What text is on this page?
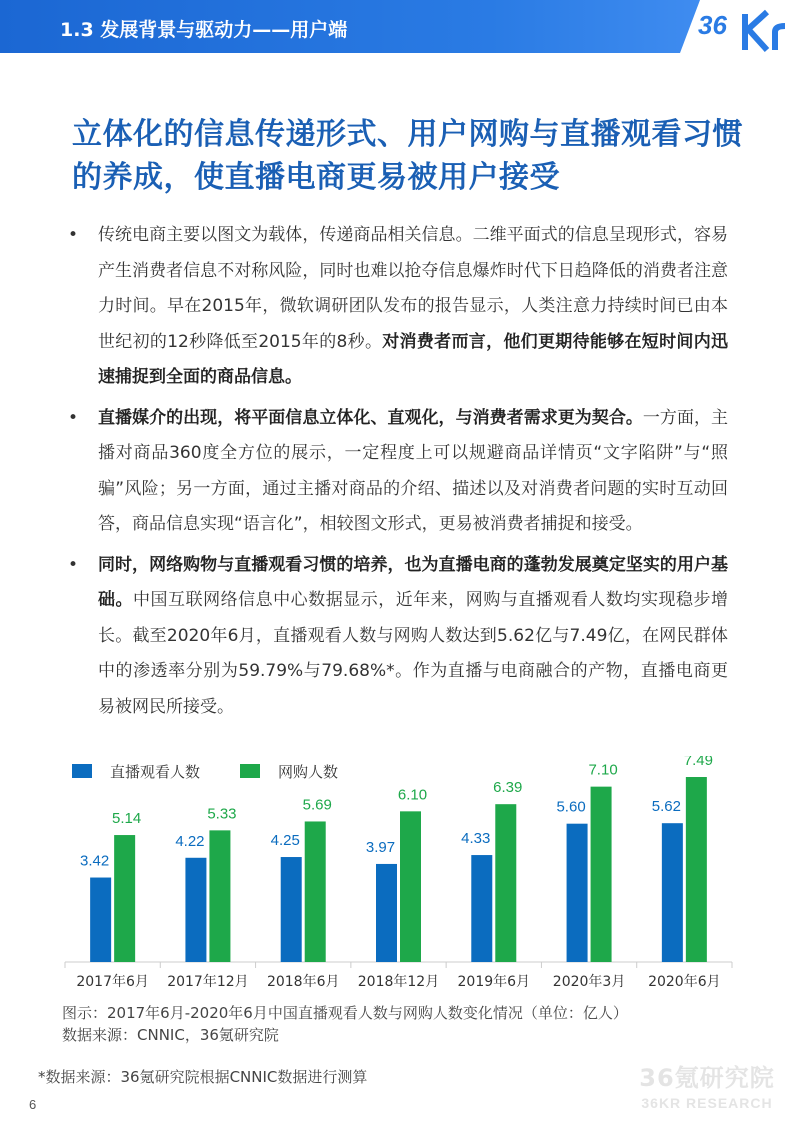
1.3 发展背景与驱动力——用户端	36
立体化的信息传递形式、用户网购与直播观看习惯的养成，使直播电商更易被用户接受
• 传统电商主要以图文为载体，传递商品相关信息。二维平面式的信息呈现形式，容易产生消费者信息不对称风险，同时也难以抢夺信息爆炸时代下日趋降低的消费者注意力时间。早在2015年，微软调研团队发布的报告显示，人类注意力持续时间已由本世纪初的12秒降低至2015年的8秒。对消费者而言，他们更期待能够在短时间内迅速捕捉到全面的商品信息。
• 直播媒介的出现，将平面信息立体化、直观化，与消费者需求更为契合。一方面，主播对商品360度全方位的展示，一定程度上可以规避商品详情页“文字陷阱”与“照骗”风险；另一方面，通过主播对商品的介绍、描述以及对消费者问题的实时互动回答，商品信息实现“语言化”，相较图文形式，更易被消费者捕捉和接受。
• 同时，网络购物与直播观看习惯的培养，也为直播电商的蓬勃发展奠定坚实的用户基础。中国互联网络信息中心数据显示，近年来，网购与直播观看人数均实现稳步增长。截至2020年6月，直播观看人数与网购人数达到5.62亿与7.49亿，在网民群体中的渗透率分别为59.79%与79.68%*。作为直播与电商融合的产物，直播电商更易被网民所接受。
直播观看人数	网购人数
3.42
5.14
2017年6月
4.22
5.33
2017年12月
4.25
5.69
2018年6月
3.97
6.10
2018年12月
4.33
6.39
2019年6月
5.60
7.10
2020年3月
5.62
7.49
2020年6月
图示：2017年6月-2020年6月中国直播观看人数与网购人数变化情况（单位：亿人）
数据来源：CNNIC，36氪研究院
*数据来源：36氪研究院根据CNNIC数据进行测算	36氪研究院
36KR RESEARCH
6
